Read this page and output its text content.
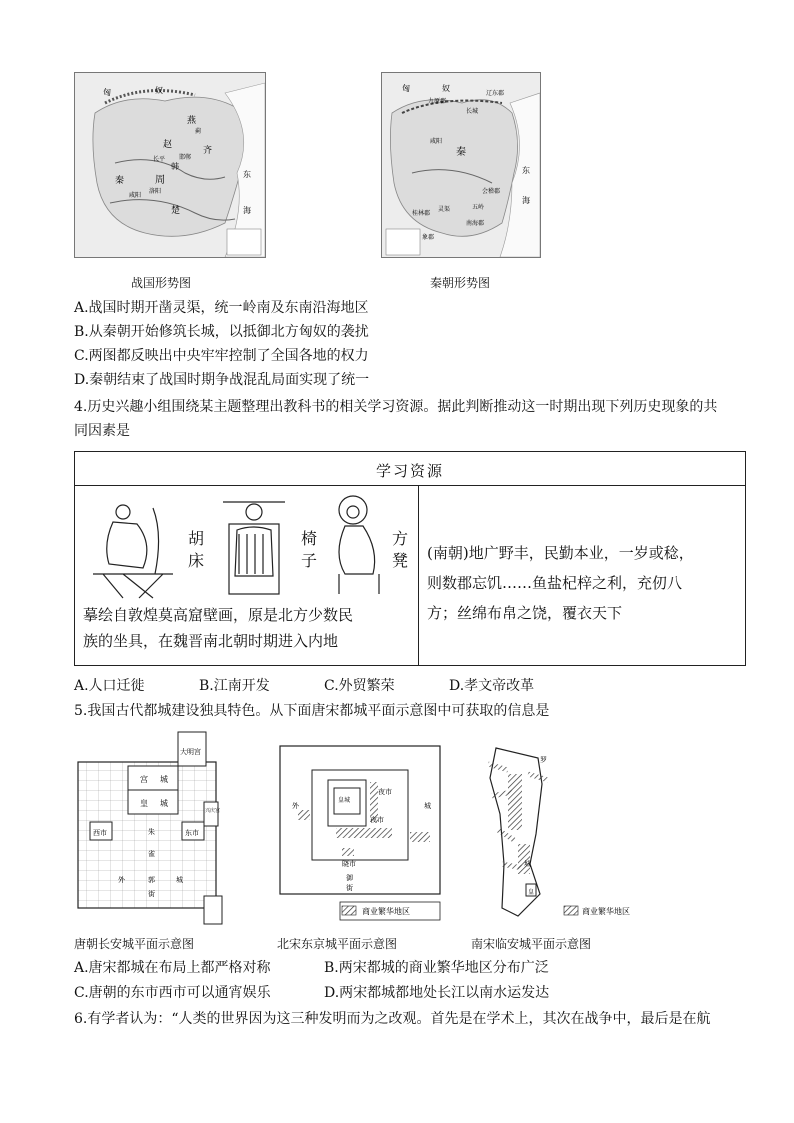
匈	奴
燕
赵
秦	周
齐
韩
楚
东
海
长平 邯郸
洛阳
咸阳
蓟
战国形势图
匈	奴
秦
九原郡
咸阳
辽东郡
会稽郡
南海郡
桂林郡
象郡
东
海
长城
五岭
灵渠
秦朝形势图
A.战国时期开凿灵渠，统一岭南及东南沿海地区
B.从秦朝开始修筑长城，以抵御北方匈奴的袭扰
C.两图都反映出中央牢牢控制了全国各地的权力
D.秦朝结束了战国时期争战混乱局面实现了统一
4.历史兴趣小组围绕某主题整理出教科书的相关学习资源。据此判断推动这一时期出现下列历史现象的共
同因素是
学习资源
胡床
椅子
方凳
摹绘自敦煌莫高窟壁画，原是北方少数民
族的坐具，在魏晋南北朝时期进入内地
(南朝)地广野丰，民勤本业，一岁或稔，
则数郡忘饥……鱼盐杞梓之利，充仞八
方；丝绵布帛之饶，覆衣天下
A.人口迁徙	B.江南开发	C.外贸繁荣	D.孝文帝改革
5.我国古代都城建设独具特色。从下面唐宋都城平面示意图中可获取的信息是
大明宫
宫 城
皇 城
兴庆宫
西市	东市
朱
雀
街
外	郭	城
唐朝长安城平面示意图
皇城
夜市
夜市
外	城
晓市
御
街
商业繁华地区
北宋东京城平面示意图
罗
城
皇
商业繁华地区
南宋临安城平面示意图
A.唐宋都城在布局上都严格对称	B.两宋都城的商业繁华地区分布广泛
C.唐朝的东市西市可以通宵娱乐	D.两宋都城都地处长江以南水运发达
6.有学者认为：“人类的世界因为这三种发明而为之改观。首先是在学术上，其次在战争中，最后是在航
